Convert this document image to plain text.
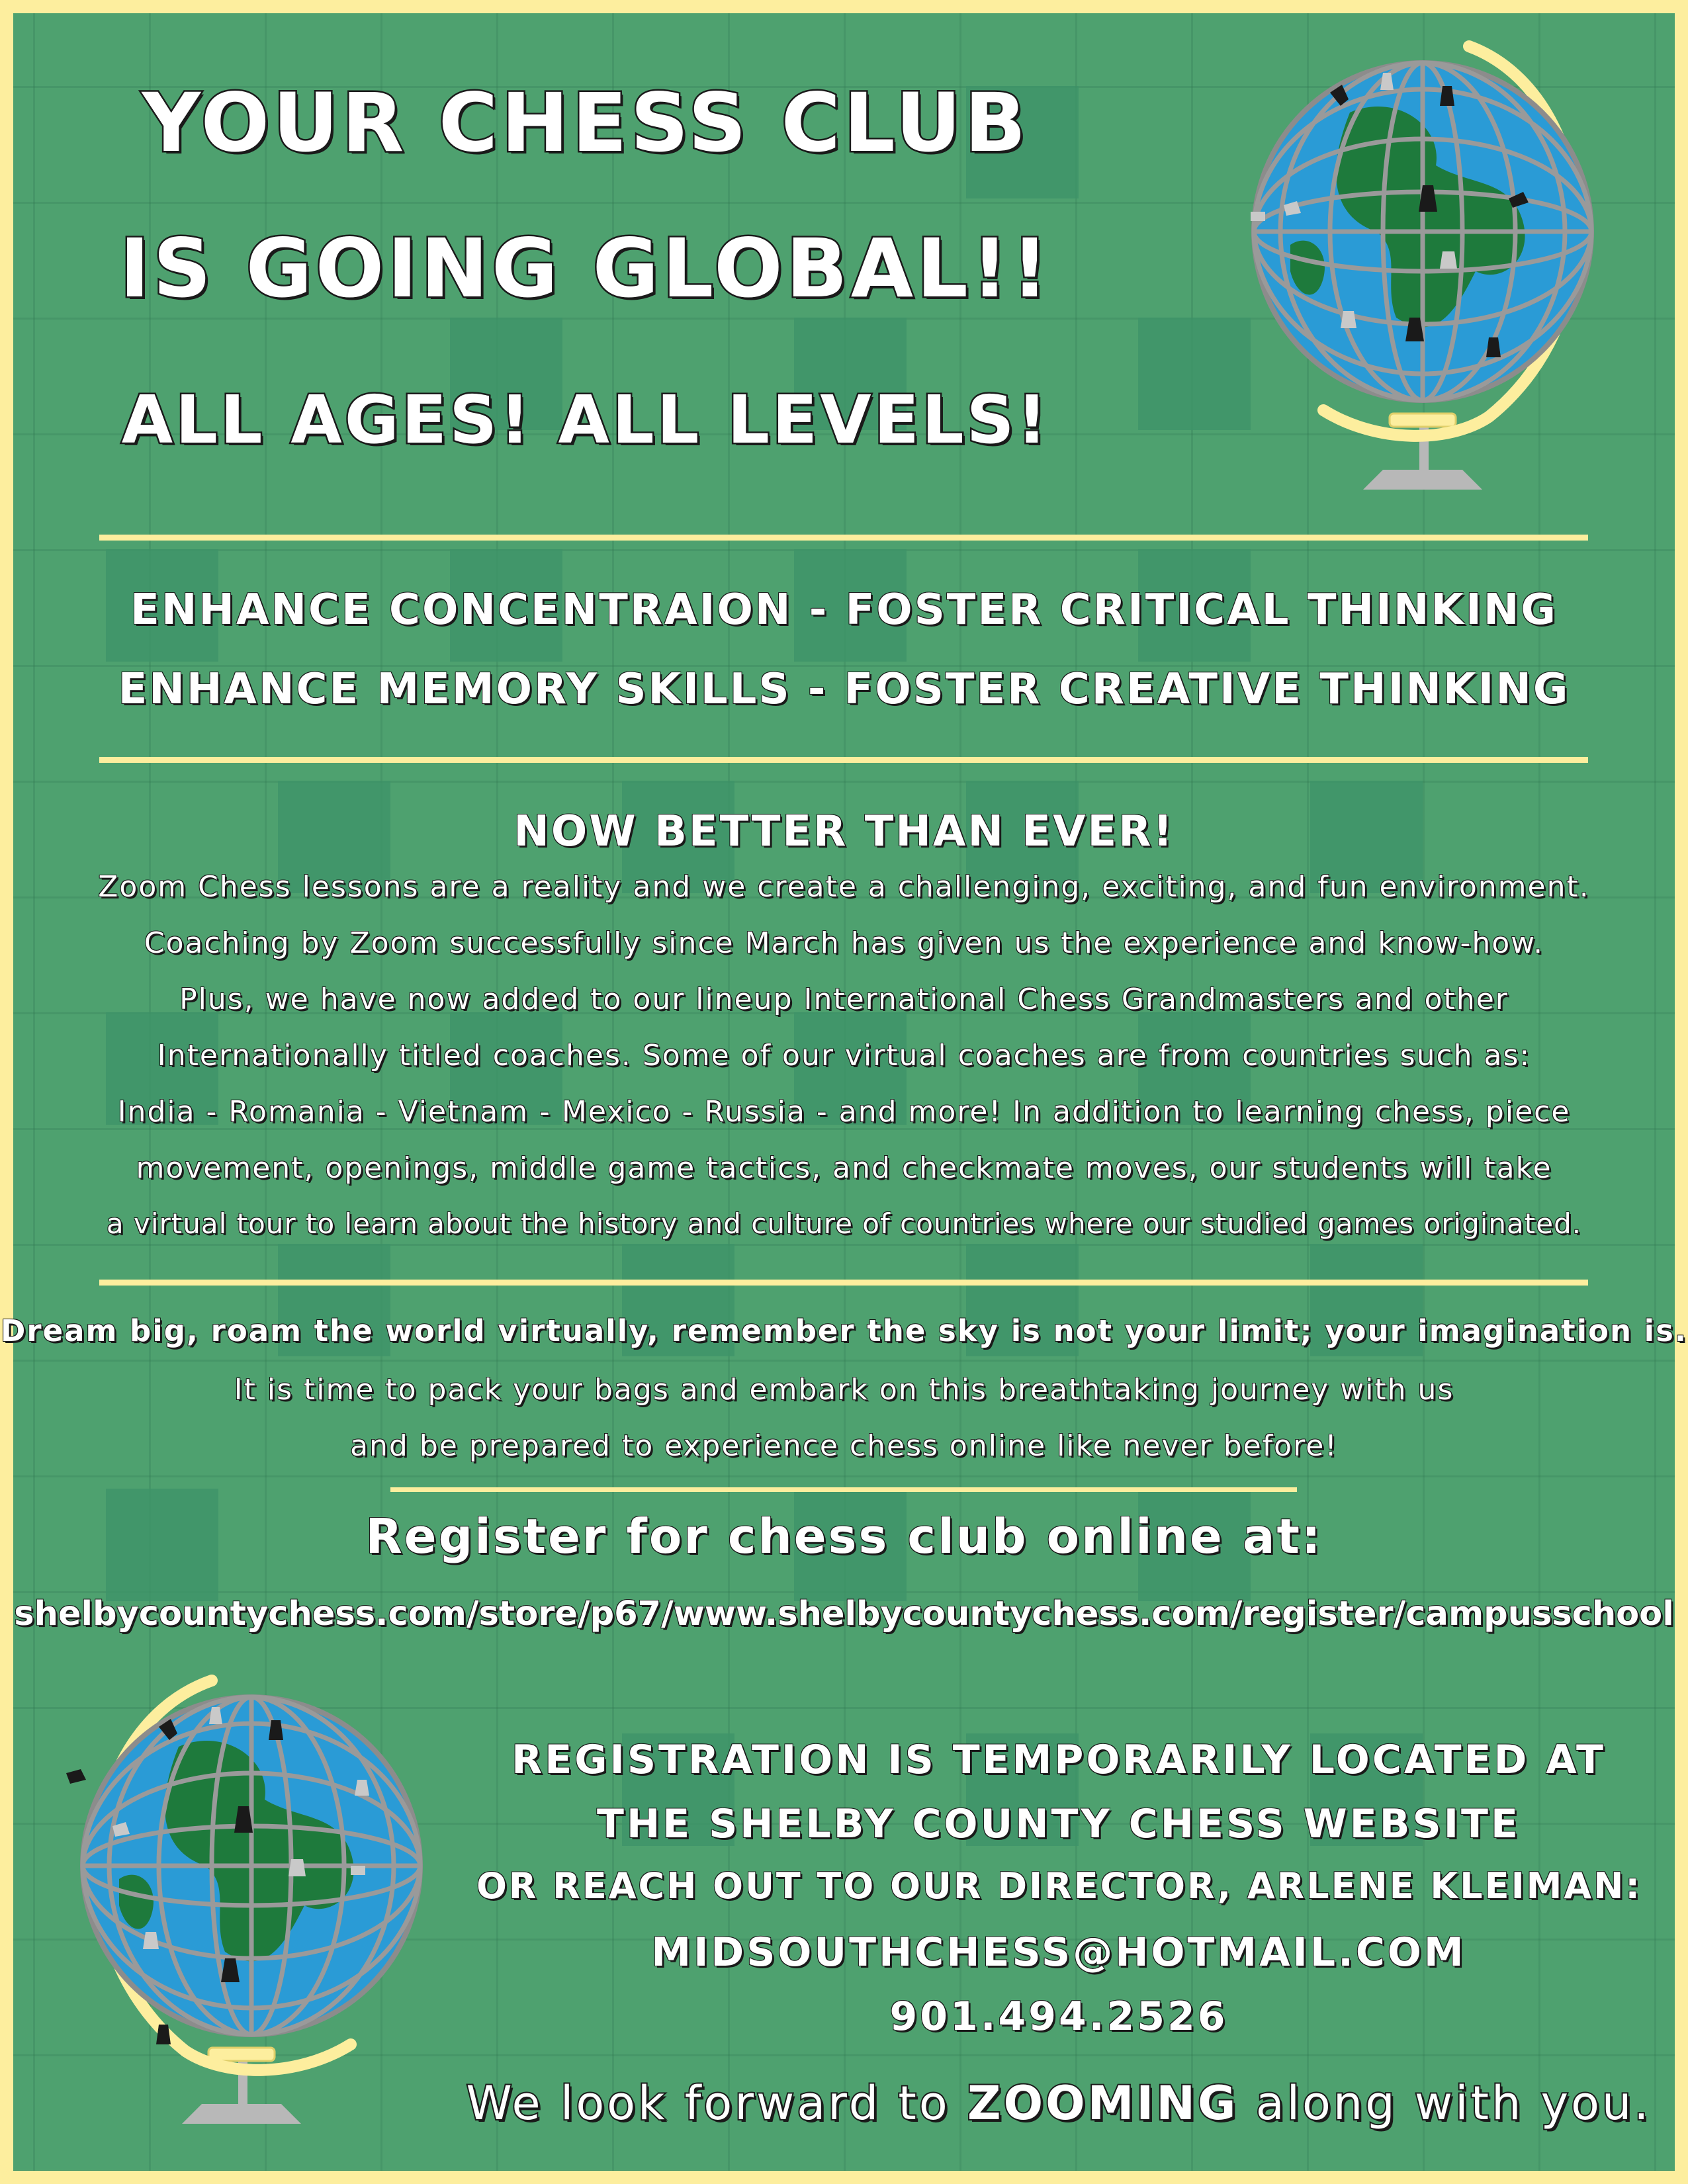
YOUR CHESS CLUB
IS GOING GLOBAL!!
ALL AGES! ALL LEVELS!
ENHANCE CONCENTRAION - FOSTER CRITICAL THINKING
ENHANCE MEMORY SKILLS - FOSTER CREATIVE THINKING
NOW BETTER THAN EVER!
Zoom Chess lessons are a reality and we create a challenging, exciting, and fun environment.
Coaching by Zoom successfully since March has given us the experience and know-how.
Plus, we have now added to our lineup International Chess Grandmasters and other
Internationally titled coaches. Some of our virtual coaches are from countries such as:
India - Romania - Vietnam - Mexico - Russia - and more! In addition to learning chess, piece
movement, openings, middle game tactics, and checkmate moves, our students will take
a virtual tour to learn about the history and culture of countries where our studied games originated.
Dream big, roam the world virtually, remember the sky is not your limit; your imagination is.
It is time to pack your bags and embark on this breathtaking journey with us
and be prepared to experience chess online like never before!
Register for chess club online at:
shelbycountychess.com/store/p67/www.shelbycountychess.com/register/campusschool
REGISTRATION IS TEMPORARILY LOCATED AT
THE SHELBY COUNTY CHESS WEBSITE
OR REACH OUT TO OUR DIRECTOR, ARLENE KLEIMAN:
MIDSOUTHCHESS@HOTMAIL.COM
901.494.2526
We look forward to ZOOMING along with you.
